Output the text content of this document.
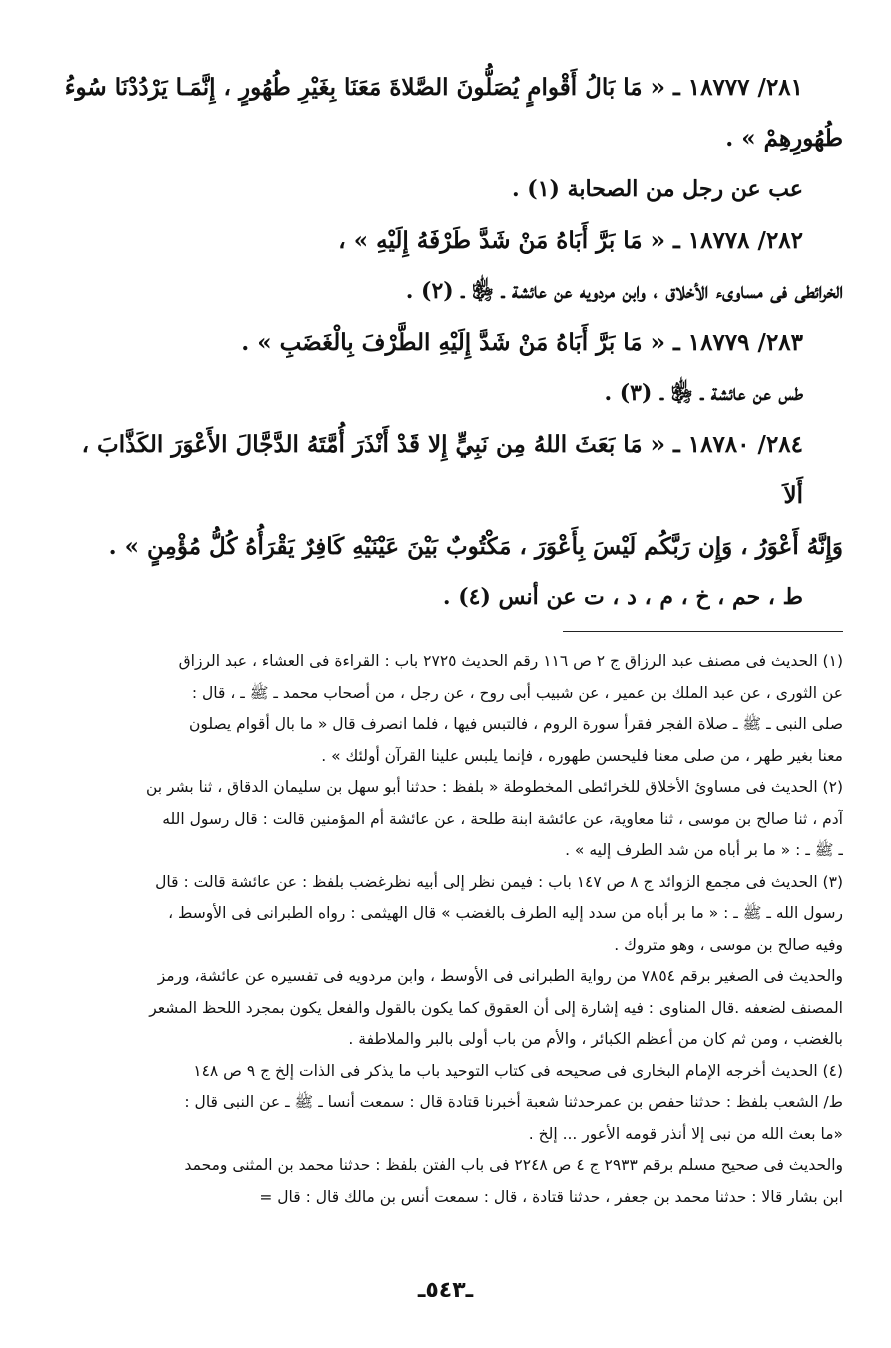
٢٨١/ ١٨٧٧٧ ـ « مَا بَالُ أَقْوامٍ يُصَلُّونَ الصَّلاةَ مَعَنَا بِغَيْرِ طُهُورٍ ، إِنَّمَـا يَرْدُدْنَا سُوءُ
طُهُورِهِمْ » .
عب عن رجل من الصحابة (١) .
٢٨٢/ ١٨٧٧٨ ـ « مَا بَرَّ أَبَاهُ مَنْ شَدَّ طَرْفَهُ إِلَيْهِ » ،
الخرائطى فى مساوىء الأخلاق ، وابن مردويه عن عائشة ـ ﵂ ـ (٢) .
٢٨٣/ ١٨٧٧٩ ـ « مَا بَرَّ أَبَاهُ مَنْ شَدَّ إِلَيْهِ الطَّرْفَ بِالْغَضَبِ » .
طس عن عائشة ـ ﵂ ـ (٣) .
٢٨٤/ ١٨٧٨٠ ـ « مَا بَعَثَ اللهُ مِن نَبِيٍّ إِلا قَدْ أَنْذَرَ أُمَّتَهُ الدَّجَّالَ الأَعْوَرَ الكَذَّابَ ، أَلاَ
وَإِنَّهُ أَعْوَرُ ، وَإِن رَبَّكُم لَيْسَ بِأَعْوَرَ ، مَكْتُوبٌ بَيْنَ عَيْنَيْهِ كَافِرٌ يَقْرَأُهُ كُلُّ مُؤْمِنٍ » .
ط ، حم ، خ ، م ، د ، ت عن أنس (٤) .
(١) الحديث فى مصنف عبد الرزاق ج ٢ ص ١١٦ رقم الحديث ٢٧٢٥ باب : القراءة فى العشاء ، عبد الرزاق
عن الثورى ، عن عبد الملك بن عمير ، عن شبيب أبى روح ، عن رجل ، من أصحاب محمد ـ ﷺ ـ ، قال :
صلى النبى ـ ﷺ ـ صلاة الفجر فقرأ سورة الروم ، فالتبس فيها ، فلما انصرف قال « ما بال أقوام يصلون
معنا بغير طهر ، من صلى معنا فليحسن طهوره ، فإنما يلبس علينا القرآن أولئك » .
(٢) الحديث فى مساوئ الأخلاق للخرائطى المخطوطة « بلفظ : حدثنا أبو سهل بن سليمان الدقاق ، ثنا بشر بن
آدم ، ثنا صالح بن موسى ، ثنا معاوية، عن عائشة ابنة طلحة ، عن عائشة أم المؤمنين قالت : قال رسول الله
ـ ﷺ ـ : « ما بر أباه من شد الطرف إليه » .
(٣) الحديث فى مجمع الزوائد ج ٨ ص ١٤٧ باب : فيمن نظر إلى أبيه نظرغضب بلفظ : عن عائشة قالت : قال
رسول الله ـ ﷺ ـ : « ما بر أباه من سدد إليه الطرف بالغضب » قال الهيثمى : رواه الطبرانى فى الأوسط ،
وفيه صالح بن موسى ، وهو متروك .
والحديث فى الصغير برقم ٧٨٥٤ من رواية الطبرانى فى الأوسط ، وابن مردويه فى تفسيره عن عائشة، ورمز
المصنف لضعفه .قال المناوى : فيه إشارة إلى أن العقوق كما يكون بالقول والفعل يكون بمجرد اللحظ المشعر
بالغضب ، ومن ثم كان من أعظم الكبائر ، والأم من باب أولى بالبر والملاطفة .
(٤) الحديث أخرجه الإمام البخارى فى صحيحه فى كتاب التوحيد باب ما يذكر فى الذات إلخ ج ٩ ص ١٤٨
ط/ الشعب بلفظ : حدثنا حفص بن عمرحدثنا شعبة أخبرنا قتادة قال : سمعت أنسا ـ ﷺ ـ عن النبى قال :
«ما بعث الله من نبى إلا أنذر قومه الأعور ... إلخ .
والحديث فى صحيح مسلم برقم ٢٩٣٣ ج ٤ ص ٢٢٤٨ فى باب الفتن بلفظ : حدثنا محمد بن المثنى ومحمد
ابن بشار قالا : حدثنا محمد بن جعفر ، حدثنا قتادة ، قال : سمعت أنس بن مالك قال : قال =
ـ٥٤٣ـ
